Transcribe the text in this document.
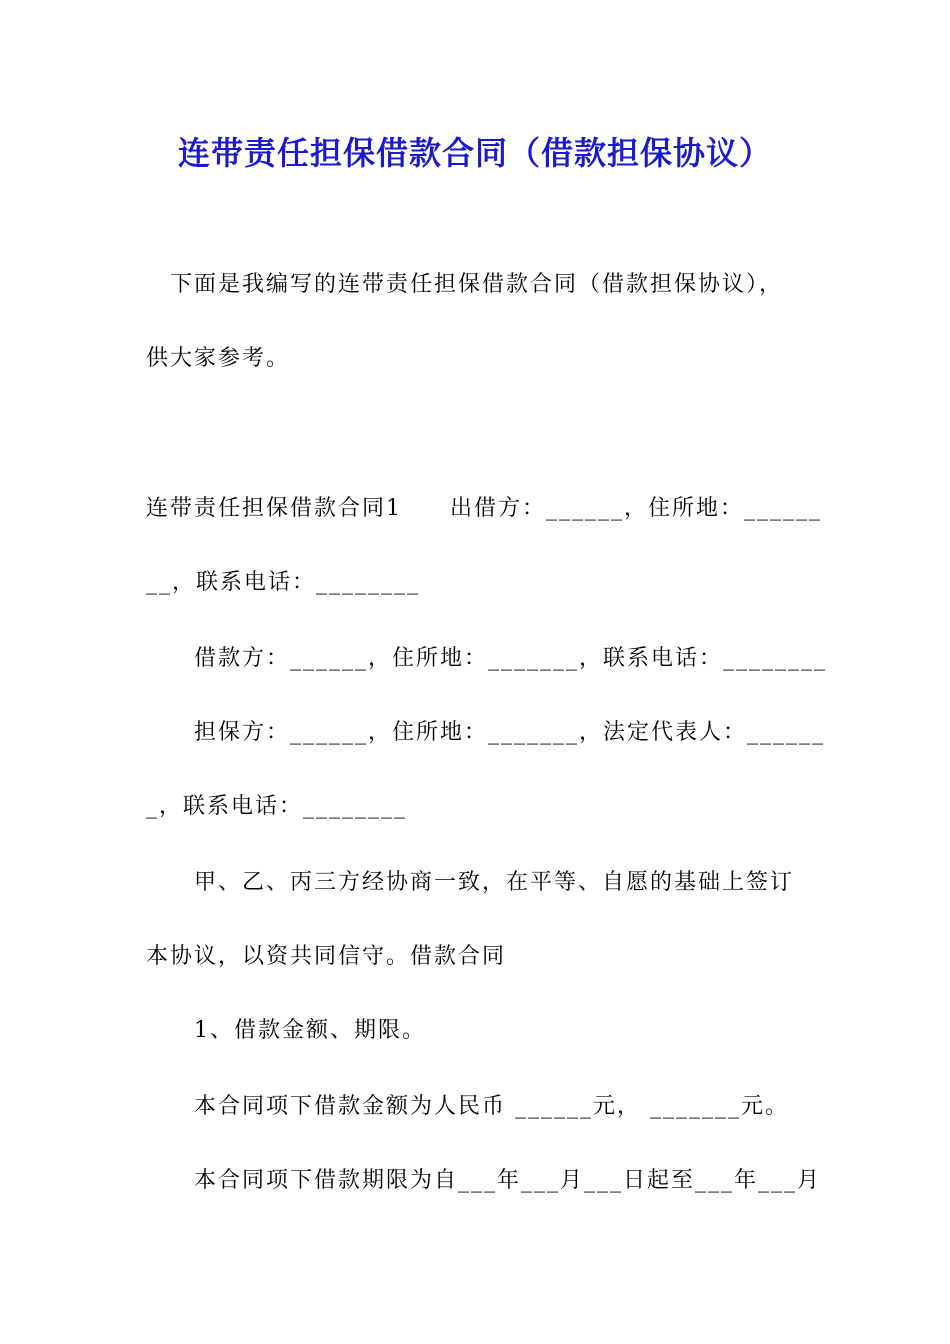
连带责任担保借款合同（借款担保协议）
下面是我编写的连带责任担保借款合同（借款担保协议），
供大家参考。
连带责任担保借款合同1　　出借方：______，住所地：______
__，联系电话：________
借款方：______，住所地：_______，联系电话：________
担保方：______，住所地：_______，法定代表人：______
_，联系电话：________
甲、乙、丙三方经协商一致，在平等、自愿的基础上签订
本协议，以资共同信守。借款合同
1、借款金额、期限。
本合同项下借款金额为人民币 ______元， _______元。
本合同项下借款期限为自___年___月___日起至___年___月
